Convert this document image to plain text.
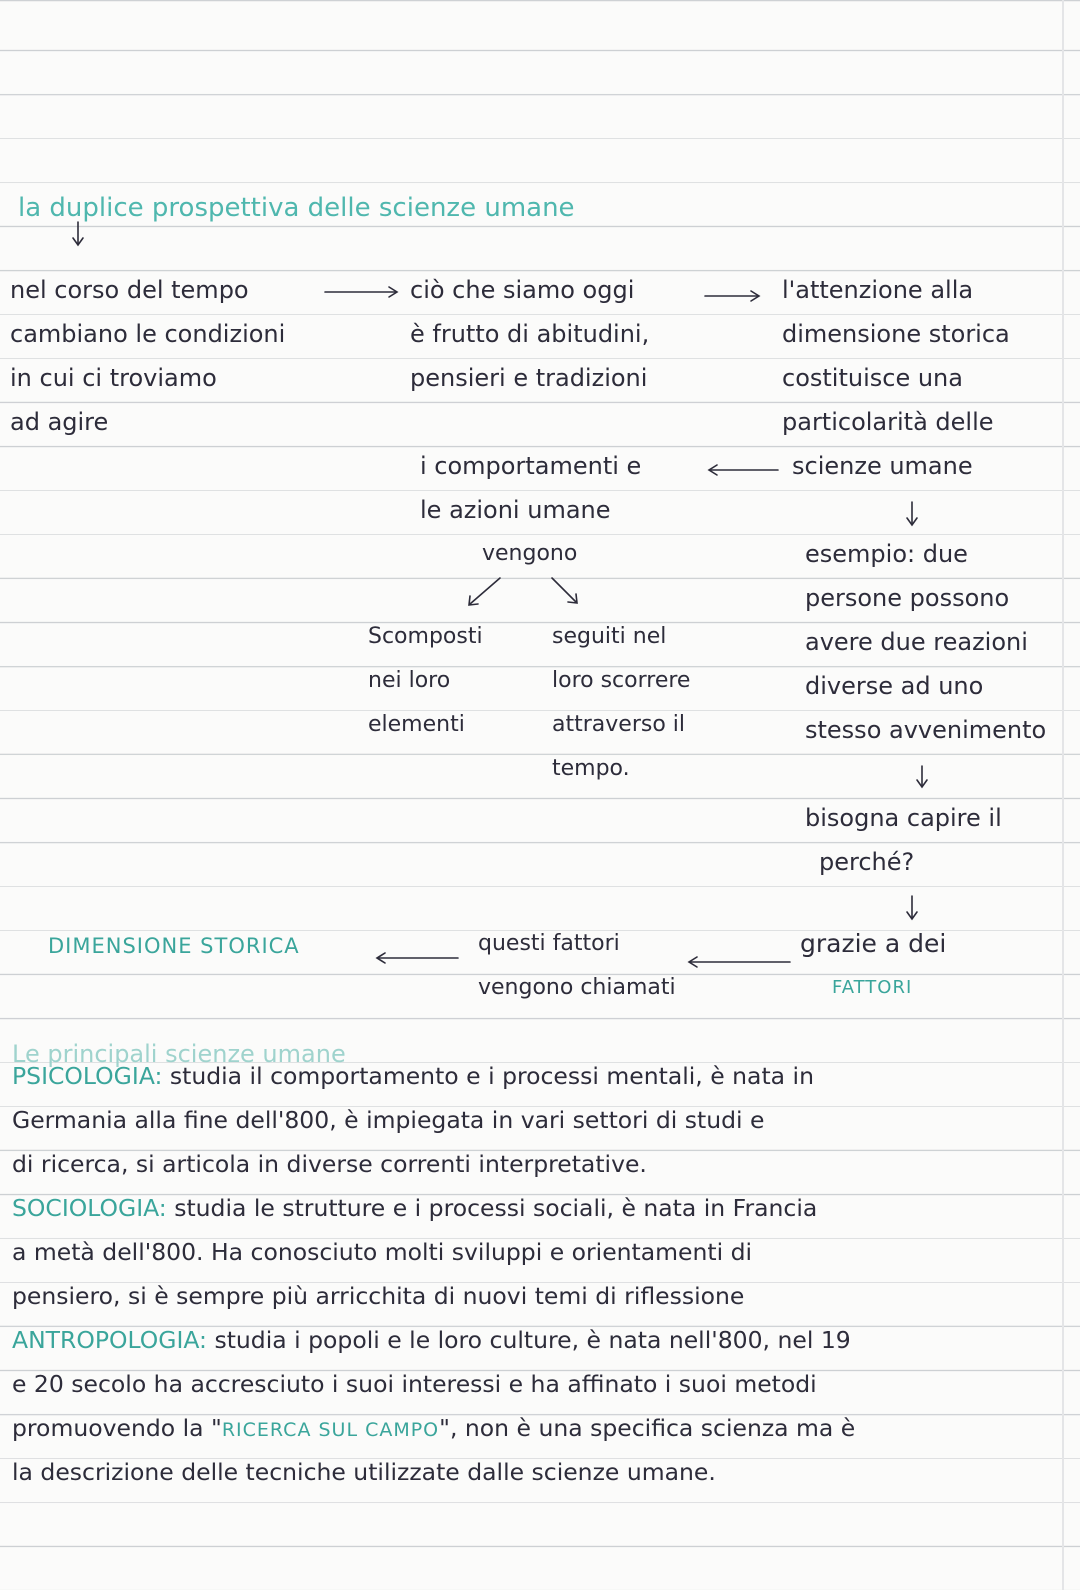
la duplice prospettiva delle scienze umane

nel corso del tempo
cambiano le condizioni
in cui ci troviamo
ad agire
ciò che siamo oggi
è frutto di abitudini,
pensieri e tradizioni
l'attenzione alla
dimensione storica
costituisce una
particolarità delle
scienze umane
i comportamenti e
le azioni umane

vengono

Scomposti
nei loro
elementi
seguiti nel
loro scorrere
attraverso il
tempo.
esempio: due
persone possono
avere due reazioni
diverse ad uno
stesso avvenimento
bisogna capire il
perché?

grazie a dei

FATTORI

questi fattori
vengono chiamati

DIMENSIONE STORICA

Le principali scienze umane

PSICOLOGIA: studia il comportamento e i processi mentali, è nata in
Germania alla fine dell'800, è impiegata in vari settori di studi e
di ricerca, si articola in diverse correnti interpretative.
SOCIOLOGIA: studia le strutture e i processi sociali, è nata in Francia
a metà dell'800. Ha conosciuto molti sviluppi e orientamenti di
pensiero, si è sempre più arricchita di nuovi temi di riflessione
ANTROPOLOGIA: studia i popoli e le loro culture, è nata nell'800, nel 19
e 20 secolo ha accresciuto i suoi interessi e ha affinato i suoi metodi
promuovendo la "RICERCA SUL CAMPO", non è una specifica scienza ma è
la descrizione delle tecniche utilizzate dalle scienze umane.
